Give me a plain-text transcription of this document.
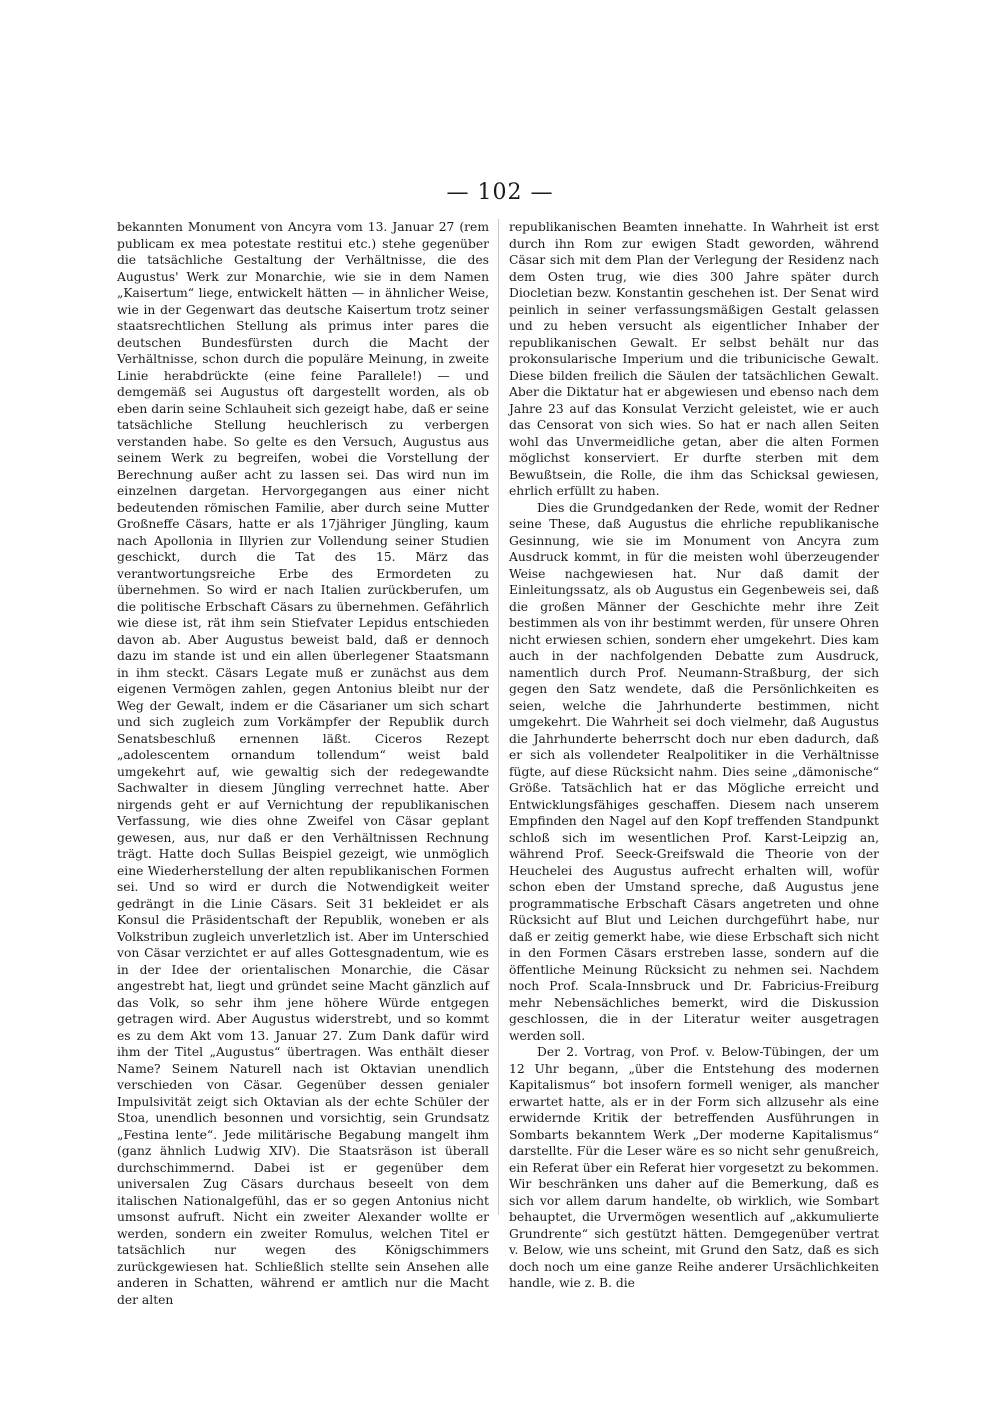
— 102 —

bekannten Monument von Ancyra vom 13. Januar 27 (rem publicam ex mea potestate restitui etc.) stehe gegenüber die tatsächliche Gestaltung der Verhältnisse, die des Augustus' Werk zur Monarchie, wie sie in dem Namen „Kaisertum“ liege, entwickelt hätten — in ähnlicher Weise, wie in der Gegenwart das deutsche Kaisertum trotz seiner staatsrechtlichen Stellung als primus inter pares die deutschen Bundesfürsten durch die Macht der Verhältnisse, schon durch die populäre Meinung, in zweite Linie herabdrückte (eine feine Parallele!) — und demgemäß sei Augustus oft dargestellt worden, als ob eben darin seine Schlauheit sich gezeigt habe, daß er seine tatsächliche Stellung heuchlerisch zu verbergen verstanden habe. So gelte es den Versuch, Augustus aus seinem Werk zu begreifen, wobei die Vorstellung der Berechnung außer acht zu lassen sei. Das wird nun im einzelnen dargetan. Hervorgegangen aus einer nicht bedeutenden römischen Familie, aber durch seine Mutter Großneffe Cäsars, hatte er als 17jähriger Jüngling, kaum nach Apollonia in Illyrien zur Vollendung seiner Studien geschickt, durch die Tat des 15. März das verantwortungsreiche Erbe des Ermordeten zu übernehmen. So wird er nach Italien zurückberufen, um die politische Erbschaft Cäsars zu übernehmen. Gefährlich wie diese ist, rät ihm sein Stiefvater Lepidus entschieden davon ab. Aber Augustus beweist bald, daß er dennoch dazu im stande ist und ein allen überlegener Staatsmann in ihm steckt. Cäsars Legate muß er zunächst aus dem eigenen Vermögen zahlen, gegen Antonius bleibt nur der Weg der Gewalt, indem er die Cäsarianer um sich schart und sich zugleich zum Vorkämpfer der Republik durch Senatsbeschluß ernennen läßt. Ciceros Rezept „adolescentem ornandum tollendum“ weist bald umgekehrt auf, wie gewaltig sich der redegewandte Sachwalter in diesem Jüngling verrechnet hatte. Aber nirgends geht er auf Vernichtung der republikanischen Verfassung, wie dies ohne Zweifel von Cäsar geplant gewesen, aus, nur daß er den Verhältnissen Rechnung trägt. Hatte doch Sullas Beispiel gezeigt, wie unmöglich eine Wiederherstellung der alten republikanischen Formen sei. Und so wird er durch die Notwendigkeit weiter gedrängt in die Linie Cäsars. Seit 31 bekleidet er als Konsul die Präsidentschaft der Republik, woneben er als Volkstribun zugleich unverletzlich ist. Aber im Unterschied von Cäsar verzichtet er auf alles Gottesgnadentum, wie es in der Idee der orientalischen Monarchie, die Cäsar angestrebt hat, liegt und gründet seine Macht gänzlich auf das Volk, so sehr ihm jene höhere Würde entgegen getragen wird. Aber Augustus widerstrebt, und so kommt es zu dem Akt vom 13. Januar 27. Zum Dank dafür wird ihm der Titel „Augustus“ übertragen. Was enthält dieser Name? Seinem Naturell nach ist Oktavian unendlich verschieden von Cäsar. Gegenüber dessen genialer Impulsivität zeigt sich Oktavian als der echte Schüler der Stoa, unendlich besonnen und vorsichtig, sein Grundsatz „Festina lente“. Jede militärische Begabung mangelt ihm (ganz ähnlich Ludwig XIV). Die Staatsräson ist überall durchschimmernd. Dabei ist er gegenüber dem universalen Zug Cäsars durchaus beseelt von dem italischen Nationalgefühl, das er so gegen Antonius nicht umsonst aufruft. Nicht ein zweiter Alexander wollte er werden, sondern ein zweiter Romulus, welchen Titel er tatsächlich nur wegen des Königschimmers zurückgewiesen hat. Schließlich stellte sein Ansehen alle anderen in Schatten, während er amtlich nur die Macht der alten

republikanischen Beamten innehatte. In Wahrheit ist erst durch ihn Rom zur ewigen Stadt geworden, während Cäsar sich mit dem Plan der Verlegung der Residenz nach dem Osten trug, wie dies 300 Jahre später durch Diocletian bezw. Konstantin geschehen ist. Der Senat wird peinlich in seiner verfassungsmäßigen Gestalt gelassen und zu heben versucht als eigentlicher Inhaber der republikanischen Gewalt. Er selbst behält nur das prokonsularische Imperium und die tribunicische Gewalt. Diese bilden freilich die Säulen der tatsächlichen Gewalt. Aber die Diktatur hat er abgewiesen und ebenso nach dem Jahre 23 auf das Konsulat Verzicht geleistet, wie er auch das Censorat von sich wies. So hat er nach allen Seiten wohl das Unvermeidliche getan, aber die alten Formen möglichst konserviert. Er durfte sterben mit dem Bewußtsein, die Rolle, die ihm das Schicksal gewiesen, ehrlich erfüllt zu haben.

Dies die Grundgedanken der Rede, womit der Redner seine These, daß Augustus die ehrliche republikanische Gesinnung, wie sie im Monument von Ancyra zum Ausdruck kommt, in für die meisten wohl überzeugender Weise nachgewiesen hat. Nur daß damit der Einleitungssatz, als ob Augustus ein Gegenbeweis sei, daß die großen Männer der Geschichte mehr ihre Zeit bestimmen als von ihr bestimmt werden, für unsere Ohren nicht erwiesen schien, sondern eher umgekehrt. Dies kam auch in der nachfolgenden Debatte zum Ausdruck, namentlich durch Prof. Neumann-Straßburg, der sich gegen den Satz wendete, daß die Persönlichkeiten es seien, welche die Jahrhunderte bestimmen, nicht umgekehrt. Die Wahrheit sei doch vielmehr, daß Augustus die Jahrhunderte beherrscht doch nur eben dadurch, daß er sich als vollendeter Realpolitiker in die Verhältnisse fügte, auf diese Rücksicht nahm. Dies seine „dämonische“ Größe. Tatsächlich hat er das Mögliche erreicht und Entwicklungsfähiges geschaffen. Diesem nach unserem Empfinden den Nagel auf den Kopf treffenden Standpunkt schloß sich im wesentlichen Prof. Karst-Leipzig an, während Prof. Seeck-Greifswald die Theorie von der Heuchelei des Augustus aufrecht erhalten will, wofür schon eben der Umstand spreche, daß Augustus jene programmatische Erbschaft Cäsars angetreten und ohne Rücksicht auf Blut und Leichen durchgeführt habe, nur daß er zeitig gemerkt habe, wie diese Erbschaft sich nicht in den Formen Cäsars erstreben lasse, sondern auf die öffentliche Meinung Rücksicht zu nehmen sei. Nachdem noch Prof. Scala-Innsbruck und Dr. Fabricius-Freiburg mehr Nebensächliches bemerkt, wird die Diskussion geschlossen, die in der Literatur weiter ausgetragen werden soll.

Der 2. Vortrag, von Prof. v. Below-Tübingen, der um 12 Uhr begann, „über die Entstehung des modernen Kapitalismus“ bot insofern formell weniger, als mancher erwartet hatte, als er in der Form sich allzusehr als eine erwidernde Kritik der betreffenden Ausführungen in Sombarts bekanntem Werk „Der moderne Kapitalismus“ darstellte. Für die Leser wäre es so nicht sehr genußreich, ein Referat über ein Referat hier vorgesetzt zu bekommen. Wir beschränken uns daher auf die Bemerkung, daß es sich vor allem darum handelte, ob wirklich, wie Sombart behauptet, die Urvermögen wesentlich auf „akkumulierte Grundrente“ sich gestützt hätten. Demgegenüber vertrat v. Below, wie uns scheint, mit Grund den Satz, daß es sich doch noch um eine ganze Reihe anderer Ursächlichkeiten handle, wie z. B. die
